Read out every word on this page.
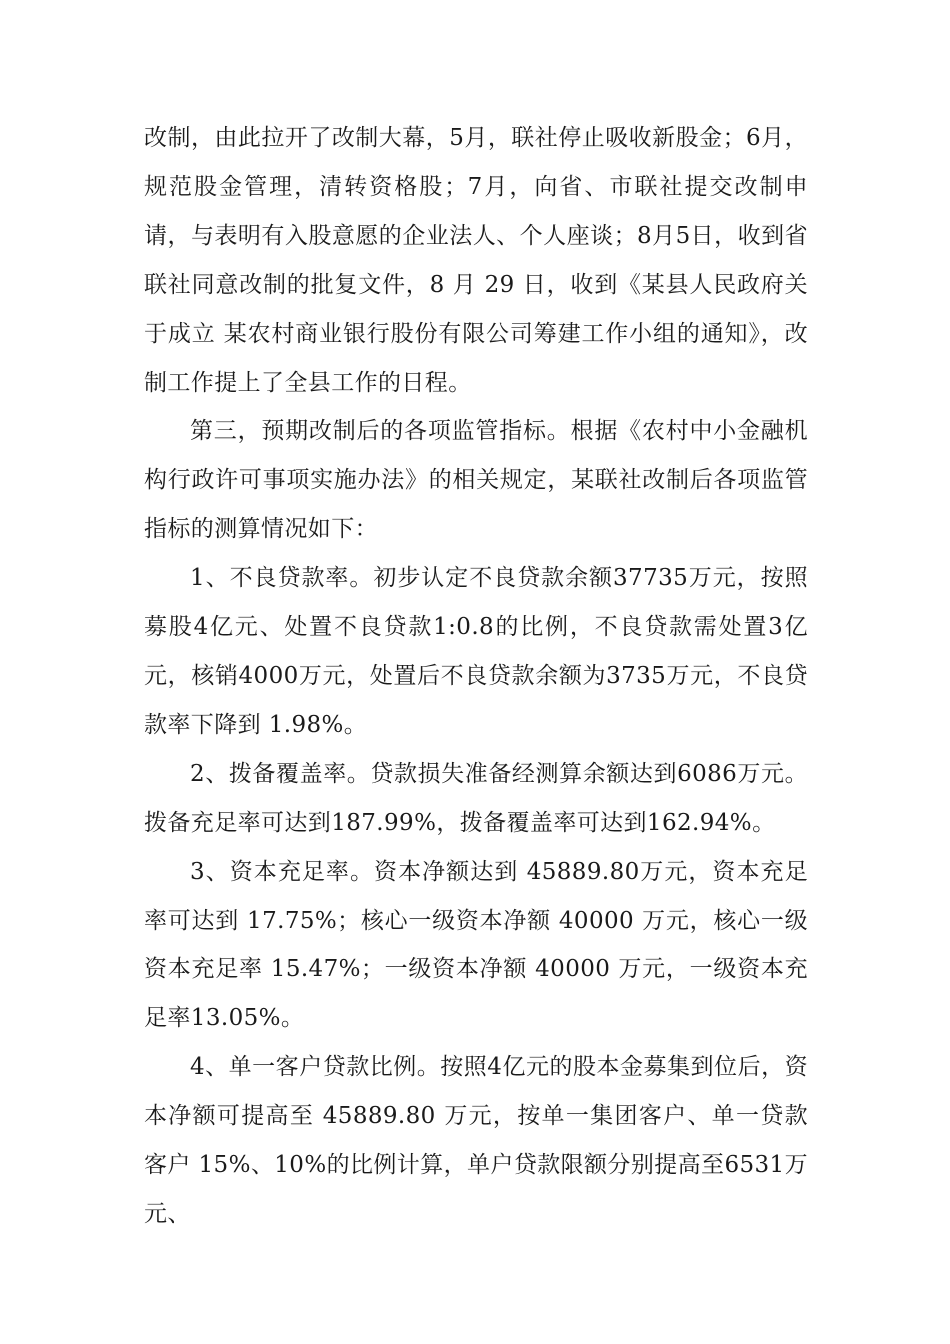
改制，由此拉开了改制大幕，5月，联社停止吸收新股金；6月，规范股金管理，清转资格股；7月，向省、市联社提交改制申请，与表明有入股意愿的企业法人、个人座谈；8月5日，收到省联社同意改制的批复文件，8 月 29 日，收到《某县人民政府关于成立 某农村商业银行股份有限公司筹建工作小组的通知》，改制工作提上了全县工作的日程。

第三，预期改制后的各项监管指标。根据《农村中小金融机构行政许可事项实施办法》的相关规定，某联社改制后各项监管指标的测算情况如下：

1、不良贷款率。初步认定不良贷款余额37735万元，按照募股4亿元、处置不良贷款1:0.8的比例，不良贷款需处置3亿元，核销4000万元，处置后不良贷款余额为3735万元，不良贷款率下降到 1.98%。

2、拨备覆盖率。贷款损失准备经测算余额达到6086万元。拨备充足率可达到187.99%，拨备覆盖率可达到162.94%。

3、资本充足率。资本净额达到 45889.80万元，资本充足率可达到 17.75%；核心一级资本净额 40000 万元，核心一级资本充足率 15.47%；一级资本净额 40000 万元，一级资本充足率13.05%。

4、单一客户贷款比例。按照4亿元的股本金募集到位后，资本净额可提高至 45889.80 万元，按单一集团客户、单一贷款客户 15%、10%的比例计算，单户贷款限额分别提高至6531万元、
